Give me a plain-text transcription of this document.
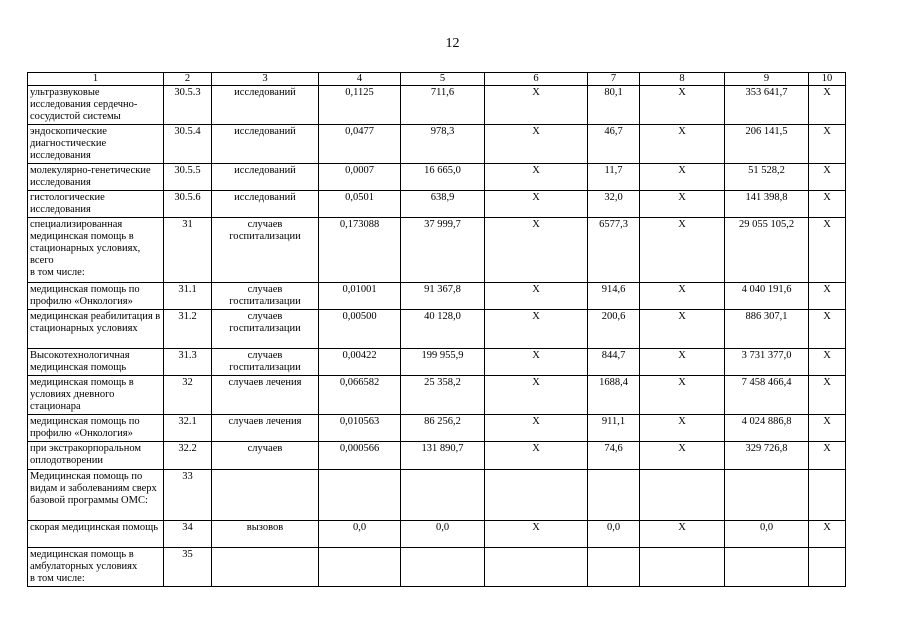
12
1	2	3	4	5	6	7	8	9	10
ультразвуковые исследования сердечно-сосудистой системы	30.5.3	исследований	0,1125	711,6	X	80,1	X	353 641,7	X
эндоскопические диагностические исследования	30.5.4	исследований	0,0477	978,3	X	46,7	X	206 141,5	X
молекулярно-генетические исследования	30.5.5	исследований	0,0007	16 665,0	X	11,7	X	51 528,2	X
гистологические исследования	30.5.6	исследований	0,0501	638,9	X	32,0	X	141 398,8	X
специализированная медицинская помощь в стационарных условиях, всего
в том числе:	31	случаев госпитализации	0,173088	37 999,7	X	6577,3	X	29 055 105,2	X
медицинская помощь по профилю «Онкология»	31.1	случаев госпитализации	0,01001	91 367,8	X	914,6	X	4 040 191,6	X
медицинская реабилитация в стационарных условиях	31.2	случаев госпитализации	0,00500	40 128,0	X	200,6	X	886 307,1	X
Высокотехнологичная медицинская помощь	31.3	случаев госпитализации	0,00422	199 955,9	X	844,7	X	3 731 377,0	X
медицинская помощь в условиях дневного стационара	32	случаев лечения	0,066582	25 358,2	X	1688,4	X	7 458 466,4	X
медицинская помощь по профилю «Онкология»	32.1	случаев лечения	0,010563	86 256,2	X	911,1	X	4 024 886,8	X
при экстракорпоральном оплодотворении	32.2	случаев	0,000566	131 890,7	X	74,6	X	329 726,8	X
Медицинская помощь по видам и заболеваниям сверх базовой программы ОМС:	33								
скорая медицинская помощь	34	вызовов	0,0	0,0	X	0,0	X	0,0	X
медицинская помощь в амбулаторных условиях
в том числе:	35								
